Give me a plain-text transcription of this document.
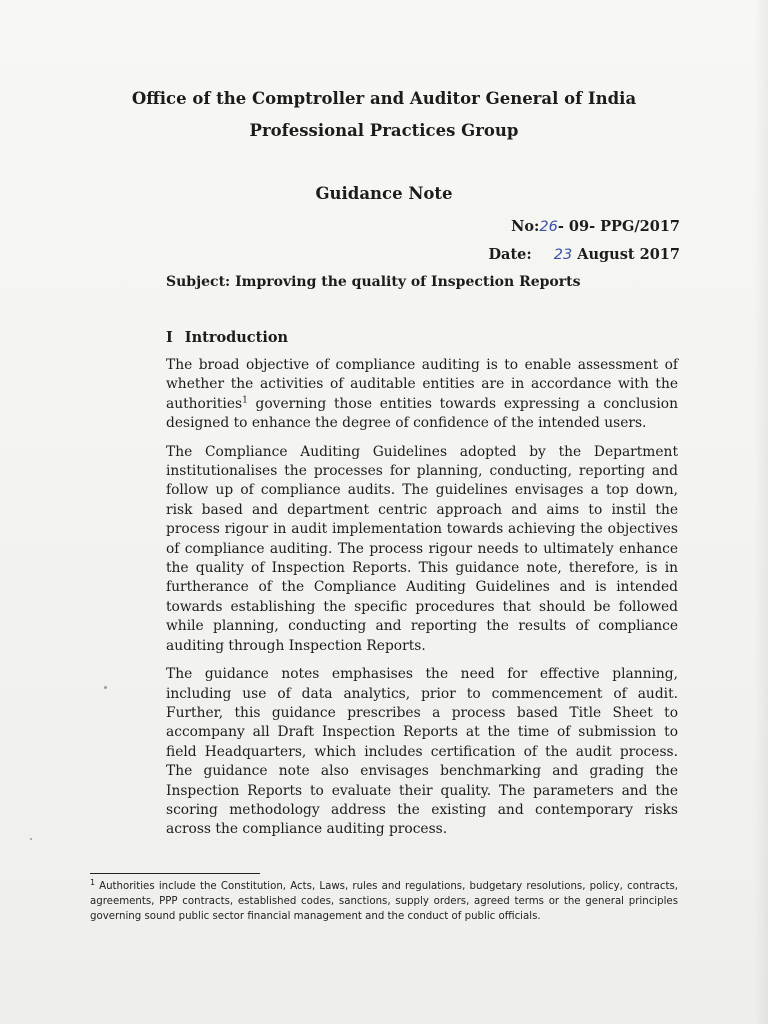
Office of the Comptroller and Auditor General of India
Professional Practices Group
Guidance Note
No:26- 09- PPG/2017
Date: 23 August 2017
Subject: Improving the quality of Inspection Reports
I Introduction

The broad objective of compliance auditing is to enable assessment of whether the activities of auditable entities are in accordance with the authorities$^1$ governing those entities towards expressing a conclusion designed to enhance the degree of confidence of the intended users.

The Compliance Auditing Guidelines adopted by the Department institutionalises the processes for planning, conducting, reporting and follow up of compliance audits. The guidelines envisages a top down, risk based and department centric approach and aims to instil the process rigour in audit implementation towards achieving the objectives of compliance auditing. The process rigour needs to ultimately enhance the quality of Inspection Reports. This guidance note, therefore, is in furtherance of the Compliance Auditing Guidelines and is intended towards establishing the specific procedures that should be followed while planning, conducting and reporting the results of compliance auditing through Inspection Reports.

The guidance notes emphasises the need for effective planning, including use of data analytics, prior to commencement of audit. Further, this guidance prescribes a process based Title Sheet to accompany all Draft Inspection Reports at the time of submission to field Headquarters, which includes certification of the audit process. The guidance note also envisages benchmarking and grading the Inspection Reports to evaluate their quality. The parameters and the scoring methodology address the existing and contemporary risks across the compliance auditing process.

$^1$ Authorities include the Constitution, Acts, Laws, rules and regulations, budgetary resolutions, policy, contracts, agreements, PPP contracts, established codes, sanctions, supply orders, agreed terms or the general principles governing sound public sector financial management and the conduct of public officials.
